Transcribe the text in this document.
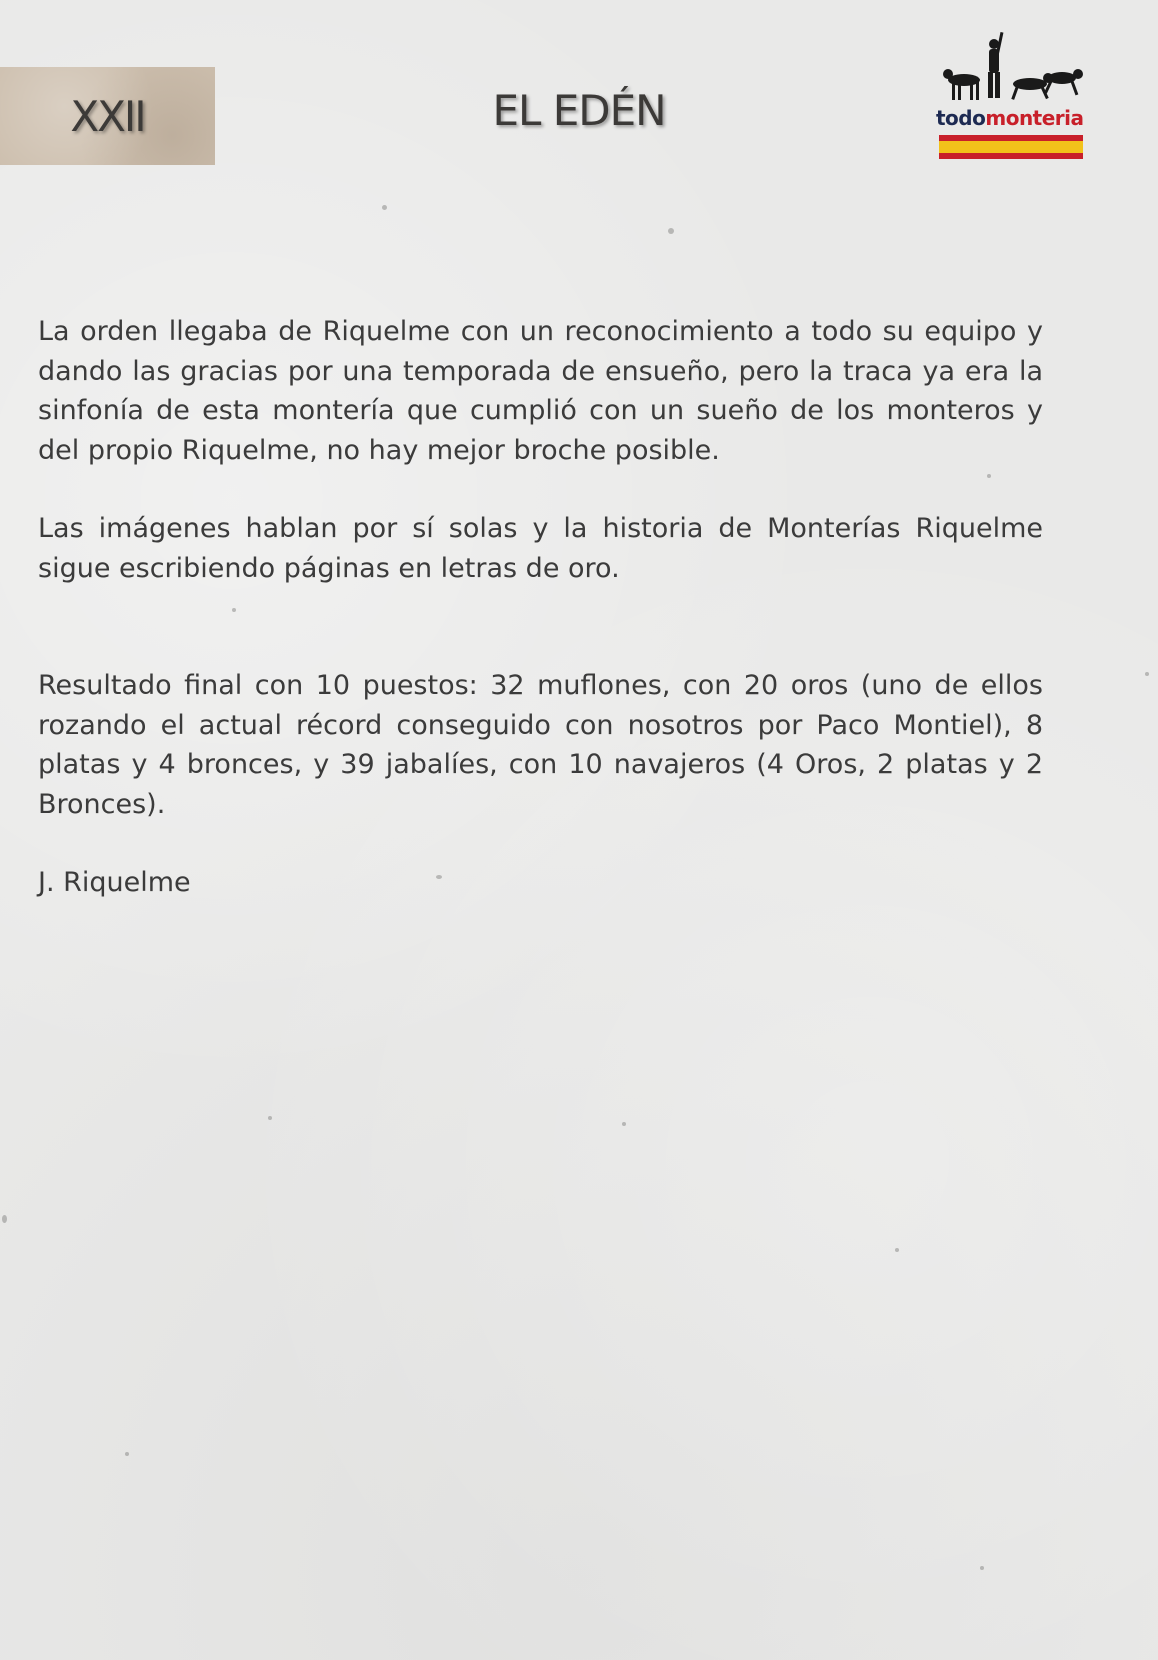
XXII	EL EDÉN	todomonteria

La orden llegaba de Riquelme con un reconocimiento a todo su equipo y dando las gracias por una temporada de ensueño, pero la traca ya era la sinfonía de esta montería que cumplió con un sueño de los monteros y del propio Riquelme, no hay mejor broche posible.

Las imágenes hablan por sí solas y la historia de Monterías Riquelme sigue escribiendo páginas en letras de oro.

Resultado final con 10 puestos: 32 muflones, con 20 oros (uno de ellos rozando el actual récord conseguido con nosotros por Paco Montiel), 8 platas y 4 bronces, y 39 jabalíes, con 10 navajeros (4 Oros, 2 platas y 2 Bronces).

J. Riquelme
